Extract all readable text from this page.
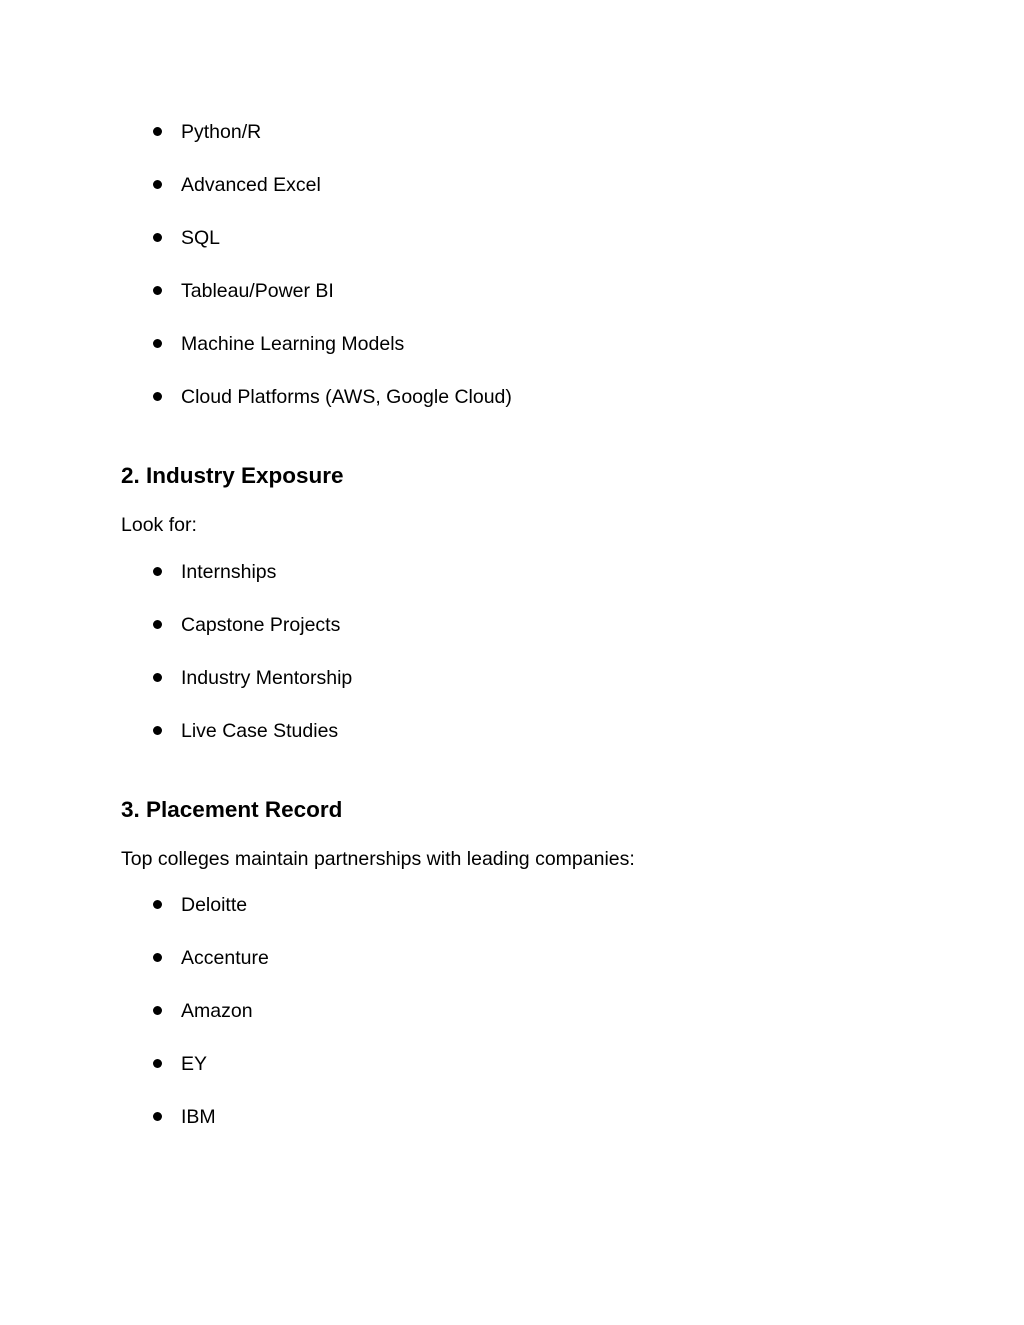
Python/R
Advanced Excel
SQL
Tableau/Power BI
Machine Learning Models
Cloud Platforms (AWS, Google Cloud)
2. Industry Exposure

Look for:

Internships
Capstone Projects
Industry Mentorship
Live Case Studies
3. Placement Record

Top colleges maintain partnerships with leading companies:

Deloitte
Accenture
Amazon
EY
IBM
